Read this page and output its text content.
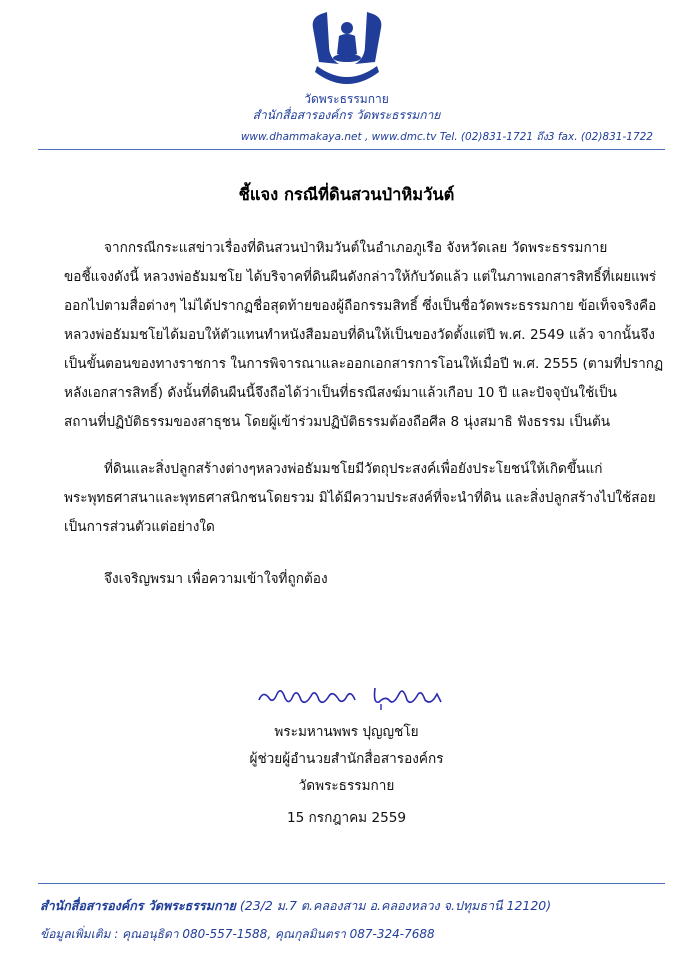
วัดพระธรรมกาย
สำนักสื่อสารองค์กร วัดพระธรรมกาย
www.dhammakaya.net , www.dmc.tv Tel. (02)831-1721 ถึง3 fax. (02)831-1722
ชี้แจง กรณีที่ดินสวนป่าหิมวันต์
จากกรณีกระแสข่าวเรื่องที่ดินสวนป่าหิมวันต์ในอำเภอภูเรือ จังหวัดเลย วัดพระธรรมกาย
ขอชี้แจงดังนี้ หลวงพ่อธัมมชโย ได้บริจาคที่ดินผืนดังกล่าวให้กับวัดแล้ว แต่ในภาพเอกสารสิทธิ์ที่เผยแพร่
ออกไปตามสื่อต่างๆ ไม่ได้ปรากฏชื่อสุดท้ายของผู้ถือกรรมสิทธิ์ ซึ่งเป็นชื่อวัดพระธรรมกาย ข้อเท็จจริงคือ
หลวงพ่อธัมมชโยได้มอบให้ตัวแทนทำหนังสือมอบที่ดินให้เป็นของวัดตั้งแต่ปี พ.ศ. 2549 แล้ว จากนั้นจึง
เป็นขั้นตอนของทางราชการ ในการพิจารณาและออกเอกสารการโอนให้เมื่อปี พ.ศ. 2555 (ตามที่ปรากฏ
หลังเอกสารสิทธิ์) ดังนั้นที่ดินผืนนี้จึงถือได้ว่าเป็นที่ธรณีสงฆ์มาแล้วเกือบ 10 ปี และปัจจุบันใช้เป็น
สถานที่ปฏิบัติธรรมของสาธุชน โดยผู้เข้าร่วมปฏิบัติธรรมต้องถือศีล 8 นุ่งสมาธิ ฟังธรรม เป็นต้น
ที่ดินและสิ่งปลูกสร้างต่างๆหลวงพ่อธัมมชโยมีวัตถุประสงค์เพื่อยังประโยชน์ให้เกิดขึ้นแก่
พระพุทธศาสนาและพุทธศาสนิกชนโดยรวม มิได้มีความประสงค์ที่จะนำที่ดิน และสิ่งปลูกสร้างไปใช้สอย
เป็นการส่วนตัวแต่อย่างใด
จึงเจริญพรมา เพื่อความเข้าใจที่ถูกต้อง
พระมหานพพร ปุญญชโย
ผู้ช่วยผู้อำนวยสำนักสื่อสารองค์กร
วัดพระธรรมกาย
15 กรกฎาคม 2559
สำนักสื่อสารองค์กร วัดพระธรรมกาย (23/2 ม.7 ต.คลองสาม อ.คลองหลวง จ.ปทุมธานี 12120)
ข้อมูลเพิ่มเติม : คุณอนุธิดา 080-557-1588, คุณกุลมินตรา 087-324-7688
